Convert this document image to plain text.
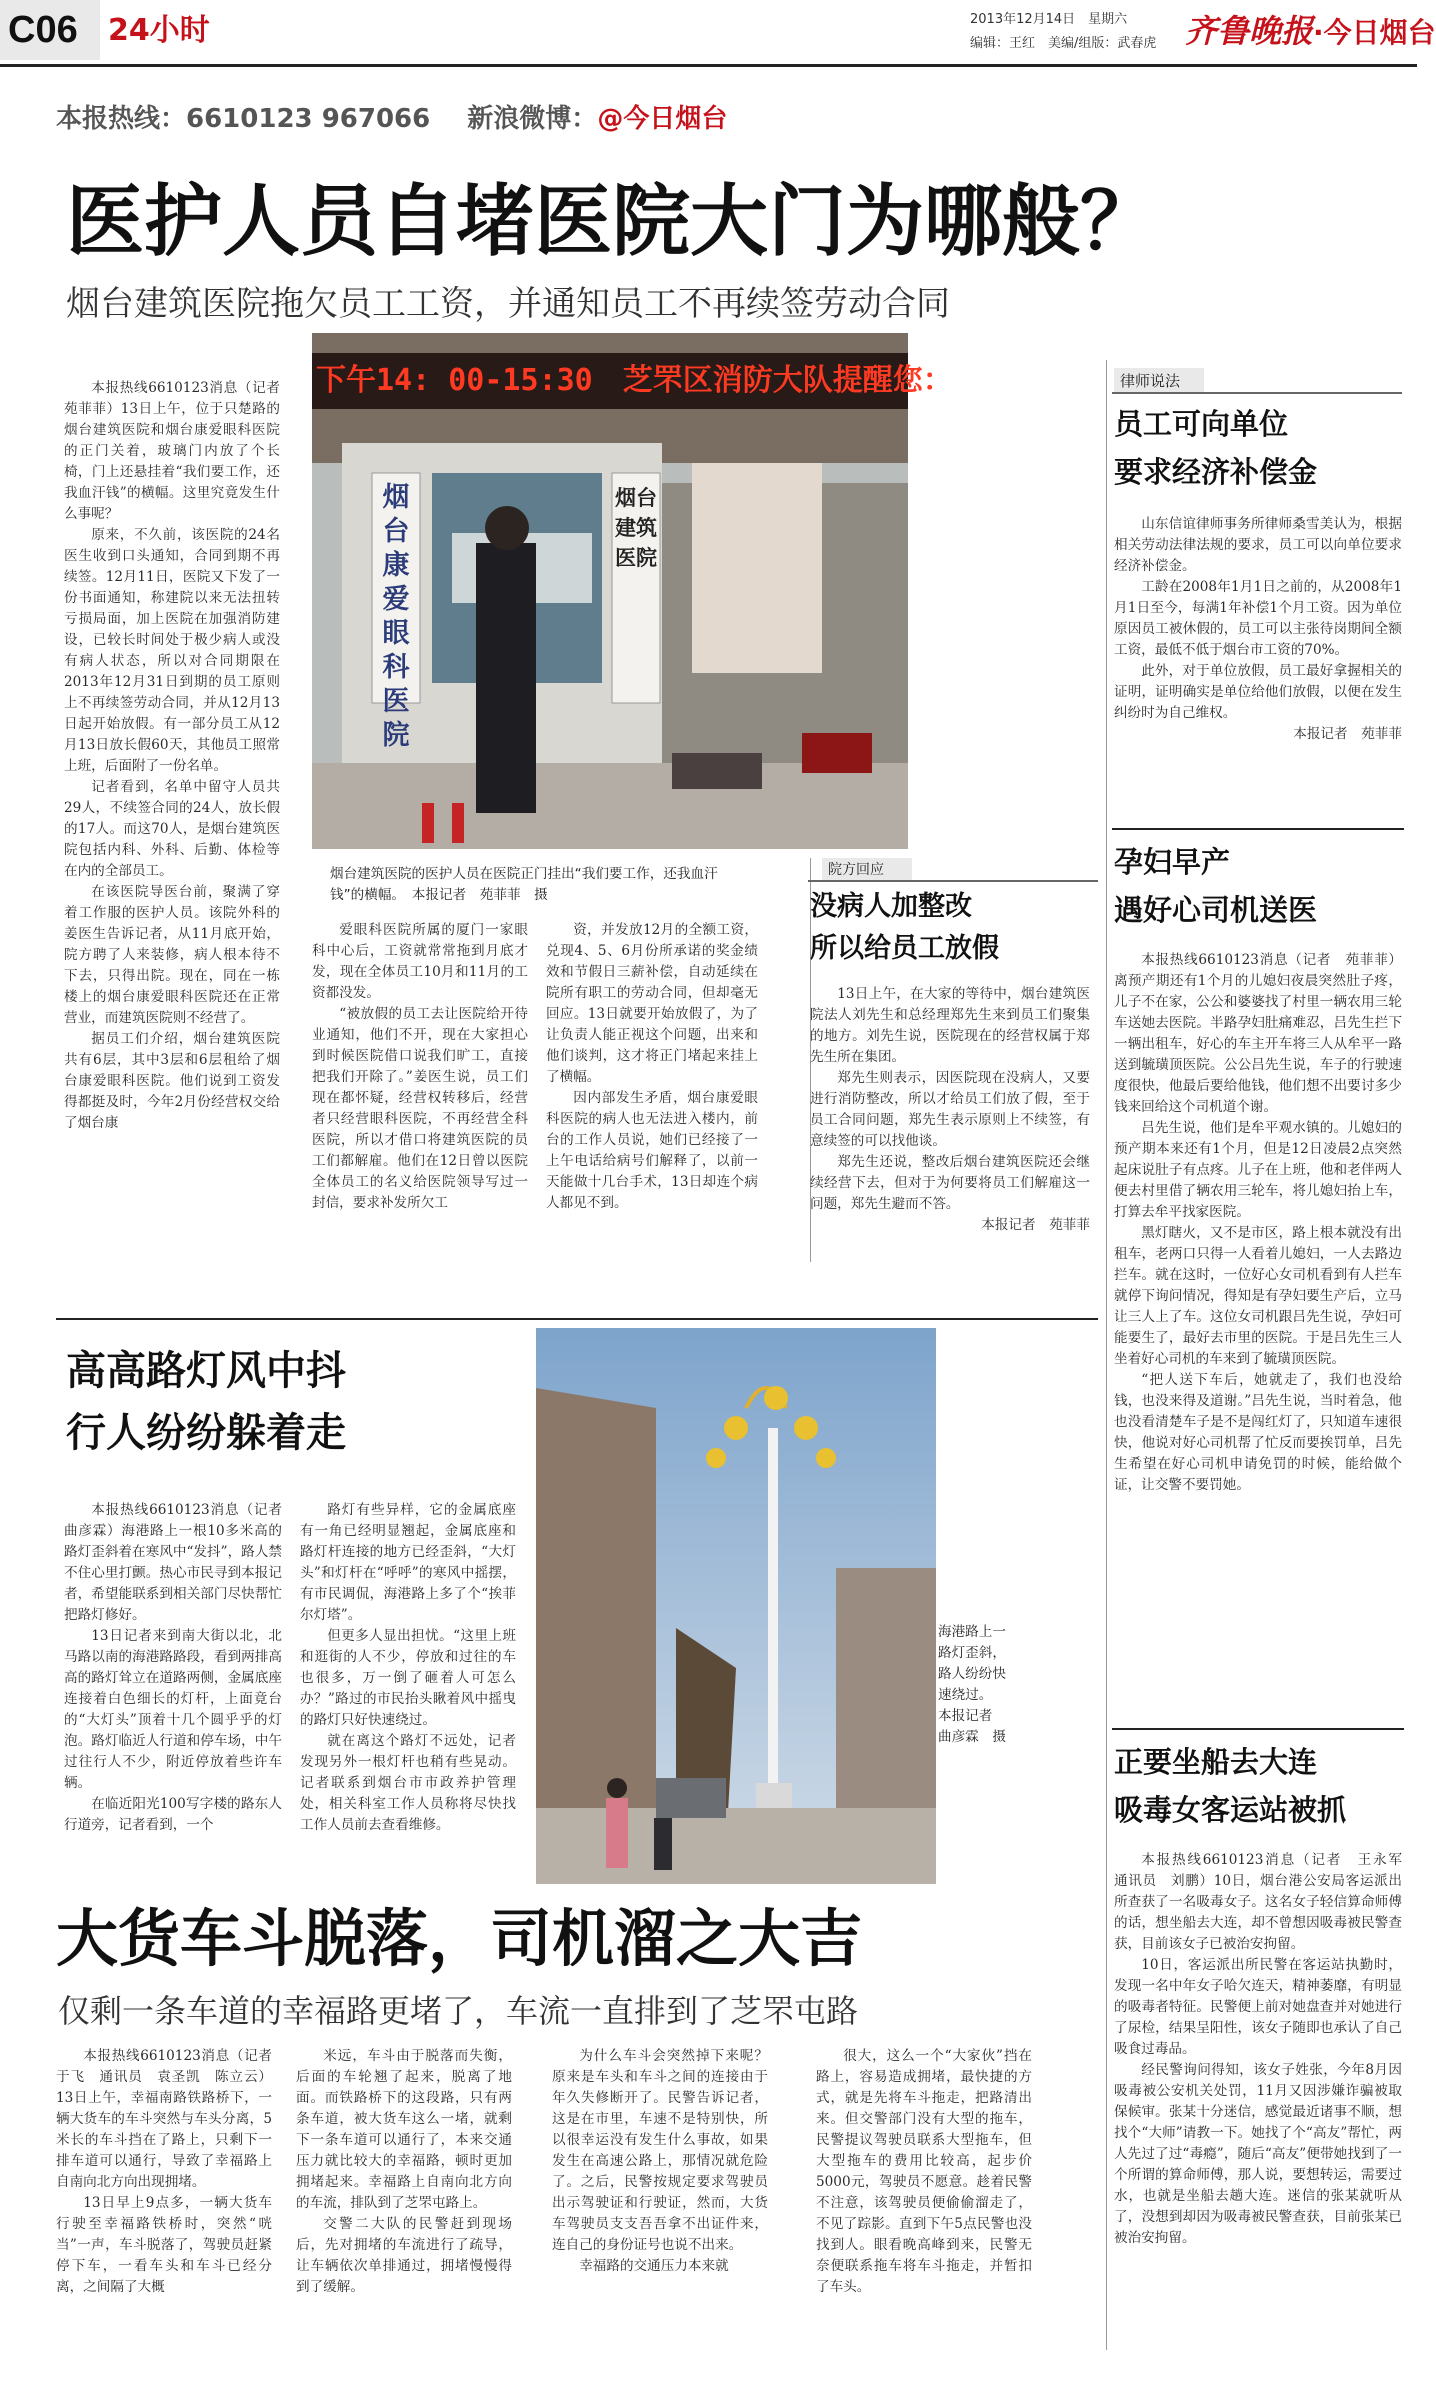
C06 24小时	2013年12月14日　星期六
编辑：王红　美编/组版：武春虎 齐鲁晚报·今日烟台
本报热线：6610123 967066 新浪微博：@今日烟台
医护人员自堵医院大门为哪般？
烟台建筑医院拖欠员工工资，并通知员工不再续签劳动合同

本报热线6610123消息（记者　苑菲菲）13日上午，位于只楚路的烟台建筑医院和烟台康爱眼科医院的正门关着，玻璃门内放了个长椅，门上还悬挂着“我们要工作，还我血汗钱”的横幅。这里究竟发生什么事呢？

原来，不久前，该医院的24名医生收到口头通知，合同到期不再续签。12月11日，医院又下发了一份书面通知，称建院以来无法扭转亏损局面，加上医院在加强消防建设，已较长时间处于极少病人或没有病人状态，所以对合同期限在2013年12月31日到期的员工原则上不再续签劳动合同，并从12月13日起开始放假。有一部分员工从12月13日放长假60天，其他员工照常上班，后面附了一份名单。

记者看到，名单中留守人员共29人，不续签合同的24人，放长假的17人。而这70人，是烟台建筑医院包括内科、外科、后勤、体检等在内的全部员工。

在该医院导医台前，聚满了穿着工作服的医护人员。该院外科的姜医生告诉记者，从11月底开始，院方聘了人来装修，病人根本待不下去，只得出院。现在，同在一栋楼上的烟台康爱眼科医院还在正常营业，而建筑医院则不经营了。

据员工们介绍，烟台建筑医院共有6层，其中3层和6层租给了烟台康爱眼科医院。他们说到工资发得都挺及时，今年2月份经营权交给了烟台康

下午14: 00-15:30　芝罘区消防大队提醒您：
烟台康爱眼科医院
烟台建筑医院
烟台建筑医院的医护人员在医院正门挂出“我们要工作，还我血汗钱”的横幅。　本报记者　苑菲菲　摄

爱眼科医院所属的厦门一家眼科中心后，工资就常常拖到月底才发，现在全体员工10月和11月的工资都没发。

“被放假的员工去让医院给开待业通知，他们不开，现在大家担心到时候医院借口说我们旷工，直接把我们开除了。”姜医生说，员工们现在都怀疑，经营权转移后，经营者只经营眼科医院，不再经营全科医院，所以才借口将建筑医院的员工们都解雇。他们在12日曾以医院全体员工的名义给医院领导写过一封信，要求补发所欠工

资，并发放12月的全额工资，兑现4、5、6月份所承诺的奖金绩效和节假日三薪补偿，自动延续在院所有职工的劳动合同，但却毫无回应。13日就要开始放假了，为了让负责人能正视这个问题，出来和他们谈判，这才将正门堵起来挂上了横幅。

因内部发生矛盾，烟台康爱眼科医院的病人也无法进入楼内，前台的工作人员说，她们已经接了一上午电话给病号们解释了，以前一天能做十几台手术，13日却连个病人都见不到。

院方回应
没病人加整改
所以给员工放假

13日上午，在大家的等待中，烟台建筑医院法人刘先生和总经理郑先生来到员工们聚集的地方。刘先生说，医院现在的经营权属于郑先生所在集团。

郑先生则表示，因医院现在没病人，又要进行消防整改，所以才给员工们放了假，至于员工合同问题，郑先生表示原则上不续签，有意续签的可以找他谈。

郑先生还说，整改后烟台建筑医院还会继续经营下去，但对于为何要将员工们解雇这一问题，郑先生避而不答。

本报记者　苑菲菲
律师说法
员工可向单位
要求经济补偿金

山东信谊律师事务所律师桑雪美认为，根据相关劳动法律法规的要求，员工可以向单位要求经济补偿金。

工龄在2008年1月1日之前的，从2008年1月1日至今，每满1年补偿1个月工资。因为单位原因员工被休假的，员工可以主张待岗期间全额工资，最低不低于烟台市工资的70%。

此外，对于单位放假，员工最好拿握相关的证明，证明确实是单位给他们放假，以便在发生纠纷时为自己维权。

本报记者　苑菲菲
孕妇早产
遇好心司机送医

本报热线6610123消息（记者　苑菲菲）离预产期还有1个月的儿媳妇夜晨突然肚子疼，儿子不在家，公公和婆婆找了村里一辆农用三轮车送她去医院。半路孕妇肚痛难忍，吕先生拦下一辆出租车，好心的车主开车将三人从牟平一路送到毓璜顶医院。公公吕先生说，车子的行驶速度很快，他最后要给他钱，他们想不出要讨多少钱来回给这个司机道个谢。

吕先生说，他们是牟平观水镇的。儿媳妇的预产期本来还有1个月，但是12日凌晨2点突然起床说肚子有点疼。儿子在上班，他和老伴两人便去村里借了辆农用三轮车，将儿媳妇抬上车，打算去牟平找家医院。

黑灯瞎火，又不是市区，路上根本就没有出租车，老两口只得一人看着儿媳妇，一人去路边拦车。就在这时，一位好心女司机看到有人拦车就停下询问情况，得知是有孕妇要生产后，立马让三人上了车。这位女司机跟吕先生说，孕妇可能要生了，最好去市里的医院。于是吕先生三人坐着好心司机的车来到了毓璜顶医院。

“把人送下车后，她就走了，我们也没给钱，也没来得及道谢。”吕先生说，当时着急，他也没看清楚车子是不是闯红灯了，只知道车速很快，他说对好心司机帮了忙反而要挨罚单，吕先生希望在好心司机申请免罚的时候，能给做个证，让交警不要罚她。

正要坐船去大连
吸毒女客运站被抓

本报热线6610123消息（记者　王永军　通讯员　刘鹏）10日，烟台港公安局客运派出所查获了一名吸毒女子。这名女子轻信算命师傅的话，想坐船去大连，却不曾想因吸毒被民警查获，目前该女子已被治安拘留。

10日，客运派出所民警在客运站执勤时，发现一名中年女子哈欠连天，精神萎靡，有明显的吸毒者特征。民警便上前对她盘查并对她进行了尿检，结果呈阳性，该女子随即也承认了自己吸食过毒品。

经民警询问得知，该女子姓张，今年8月因吸毒被公安机关处罚，11月又因涉嫌诈骗被取保候审。张某十分迷信，感觉最近诸事不顺，想找个“大师”请教一下。她找了个“高友”帮忙，两人先过了过“毒瘾”，随后“高友”便带她找到了一个所谓的算命师傅，那人说，要想转运，需要过水，也就是坐船去趟大连。迷信的张某就听从了，没想到却因为吸毒被民警查获，目前张某已被治安拘留。

高高路灯风中抖
行人纷纷躲着走

本报热线6610123消息（记者　曲彦霖）海港路上一根10多米高的路灯歪斜着在寒风中“发抖”，路人禁不住心里打颤。热心市民寻到本报记者，希望能联系到相关部门尽快帮忙把路灯修好。

13日记者来到南大街以北，北马路以南的海港路路段，看到两排高高的路灯耸立在道路两侧，金属底座连接着白色细长的灯杆，上面竟台的“大灯头”顶着十几个圆乎乎的灯泡。路灯临近人行道和停车场，中午过往行人不少，附近停放着些许车辆。

在临近阳光100写字楼的路东人行道旁，记者看到，一个

路灯有些异样，它的金属底座有一角已经明显翘起，金属底座和路灯杆连接的地方已经歪斜，“大灯头”和灯杆在“呼呼”的寒风中摇摆，有市民调侃，海港路上多了个“挨菲尔灯塔”。

但更多人显出担忧。“这里上班和逛街的人不少，停放和过往的车也很多，万一倒了砸着人可怎么办？”路过的市民抬头瞅着风中摇曳的路灯只好快速绕过。

就在离这个路灯不远处，记者发现另外一根灯杆也稍有些晃动。记者联系到烟台市市政养护管理处，相关科室工作人员称将尽快找工作人员前去查看维修。

海港路上一路灯歪斜，路人纷纷快速绕过。　本报记者　曲彦霖　摄
大货车斗脱落，司机溜之大吉
仅剩一条车道的幸福路更堵了，车流一直排到了芝罘屯路

本报热线6610123消息（记者　于飞　通讯员　袁圣凯　陈立云）13日上午，幸福南路铁路桥下，一辆大货车的车斗突然与车头分离，5米长的车斗挡在了路上，只剩下一排车道可以通行，导致了幸福路上自南向北方向出现拥堵。

13日早上9点多，一辆大货车行驶至幸福路铁桥时，突然“咣当”一声，车斗脱落了，驾驶员赶紧停下车，一看车头和车斗已经分离，之间隔了大概

米远，车斗由于脱落而失衡，后面的车轮翘了起来，脱离了地面。而铁路桥下的这段路，只有两条车道，被大货车这么一堵，就剩下一条车道可以通行了，本来交通压力就比较大的幸福路，顿时更加拥堵起来。幸福路上自南向北方向的车流，排队到了芝罘屯路上。

交警二大队的民警赶到现场后，先对拥堵的车流进行了疏导，让车辆依次单排通过，拥堵慢慢得到了缓解。

为什么车斗会突然掉下来呢？原来是车头和车斗之间的连接由于年久失修断开了。民警告诉记者，这是在市里，车速不是特别快，所以很幸运没有发生什么事故，如果发生在高速公路上，那情况就危险了。之后，民警按规定要求驾驶员出示驾驶证和行驶证，然而，大货车驾驶员支支吾吾拿不出证件来，连自己的身份证号也说不出来。

幸福路的交通压力本来就

很大，这么一个“大家伙”挡在路上，容易造成拥堵，最快捷的方式，就是先将车斗拖走，把路清出来。但交警部门没有大型的拖车，民警提议驾驶员联系大型拖车，但大型拖车的费用比较高，起步价5000元，驾驶员不愿意。趁着民警不注意，该驾驶员便偷偷溜走了，不见了踪影。直到下午5点民警也没找到人。眼看晚高峰到来，民警无奈便联系拖车将车斗拖走，并暂扣了车头。
